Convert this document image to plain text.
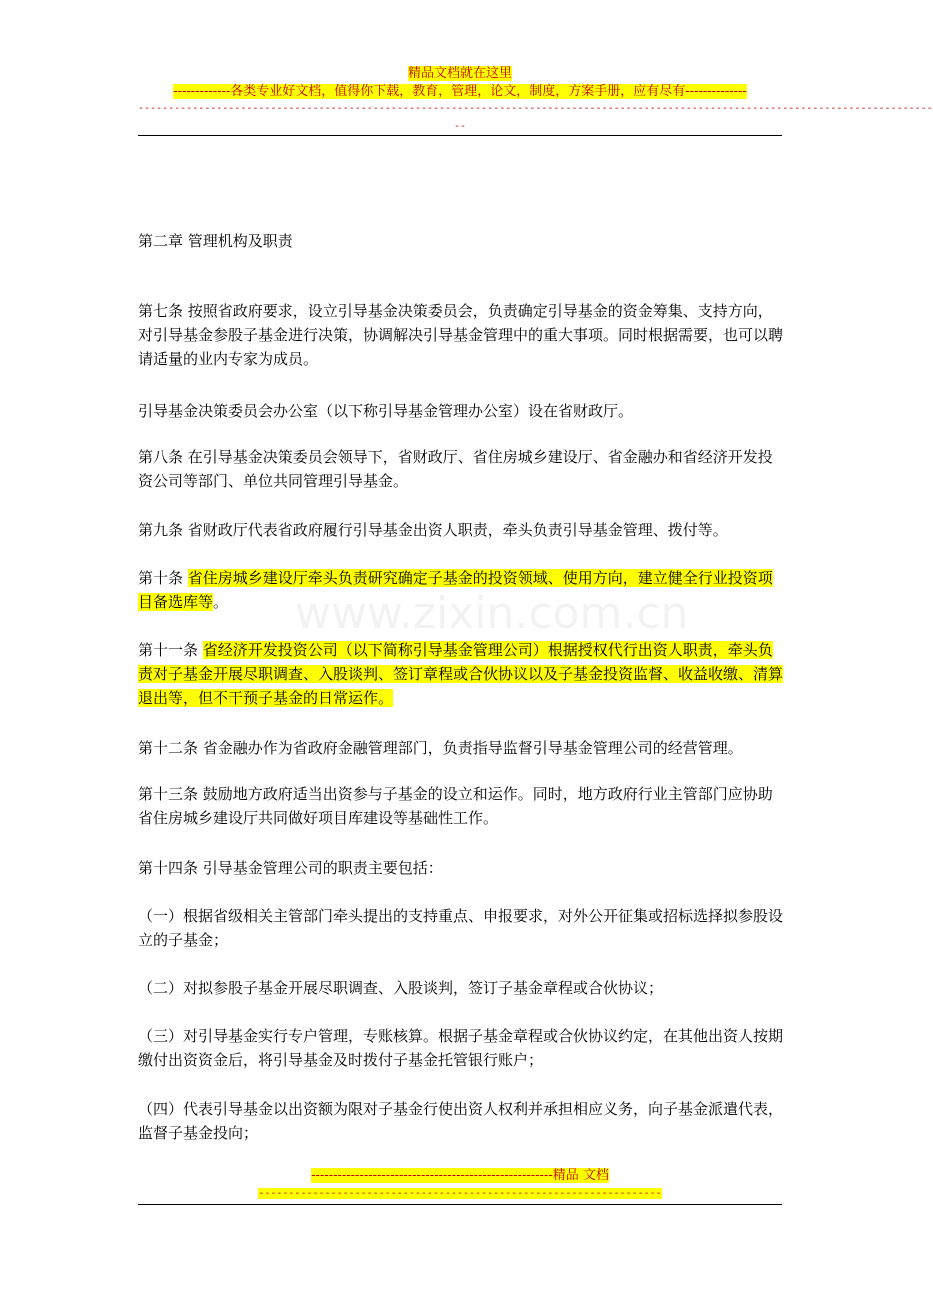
www.zixin.com.cn
精品文档就在这里
-------------各类专业好文档，值得你下载，教育，管理，论文，制度，方案手册，应有尽有--------------
------------------------------------------------------------------------------------------------------------------------------------
--

第二章 管理机构及职责

第七条 按照省政府要求，设立引导基金决策委员会，负责确定引导基金的资金筹集、支持方向，对引导基金参股子基金进行决策，协调解决引导基金管理中的重大事项。同时根据需要，也可以聘请适量的业内专家为成员。

引导基金决策委员会办公室（以下称引导基金管理办公室）设在省财政厅。

第八条 在引导基金决策委员会领导下，省财政厅、省住房城乡建设厅、省金融办和省经济开发投资公司等部门、单位共同管理引导基金。

第九条 省财政厅代表省政府履行引导基金出资人职责，牵头负责引导基金管理、拨付等。

第十条 省住房城乡建设厅牵头负责研究确定子基金的投资领域、使用方向，建立健全行业投资项目备选库等。

第十一条 省经济开发投资公司（以下简称引导基金管理公司）根据授权代行出资人职责，牵头负责对子基金开展尽职调查、入股谈判、签订章程或合伙协议以及子基金投资监督、收益收缴、清算退出等，但不干预子基金的日常运作。

第十二条 省金融办作为省政府金融管理部门，负责指导监督引导基金管理公司的经营管理。

第十三条 鼓励地方政府适当出资参与子基金的设立和运作。同时，地方政府行业主管部门应协助省住房城乡建设厅共同做好项目库建设等基础性工作。

第十四条 引导基金管理公司的职责主要包括：

（一）根据省级相关主管部门牵头提出的支持重点、申报要求，对外公开征集或招标选择拟参股设立的子基金；

（二）对拟参股子基金开展尽职调查、入股谈判，签订子基金章程或合伙协议；

（三）对引导基金实行专户管理，专账核算。根据子基金章程或合伙协议约定，在其他出资人按期缴付出资资金后，将引导基金及时拨付子基金托管银行账户；

（四）代表引导基金以出资额为限对子基金行使出资人权利并承担相应义务，向子基金派遣代表，监督子基金投向；

-------------------------------------------------------精品 文档
-------------------------------------------------------------------
